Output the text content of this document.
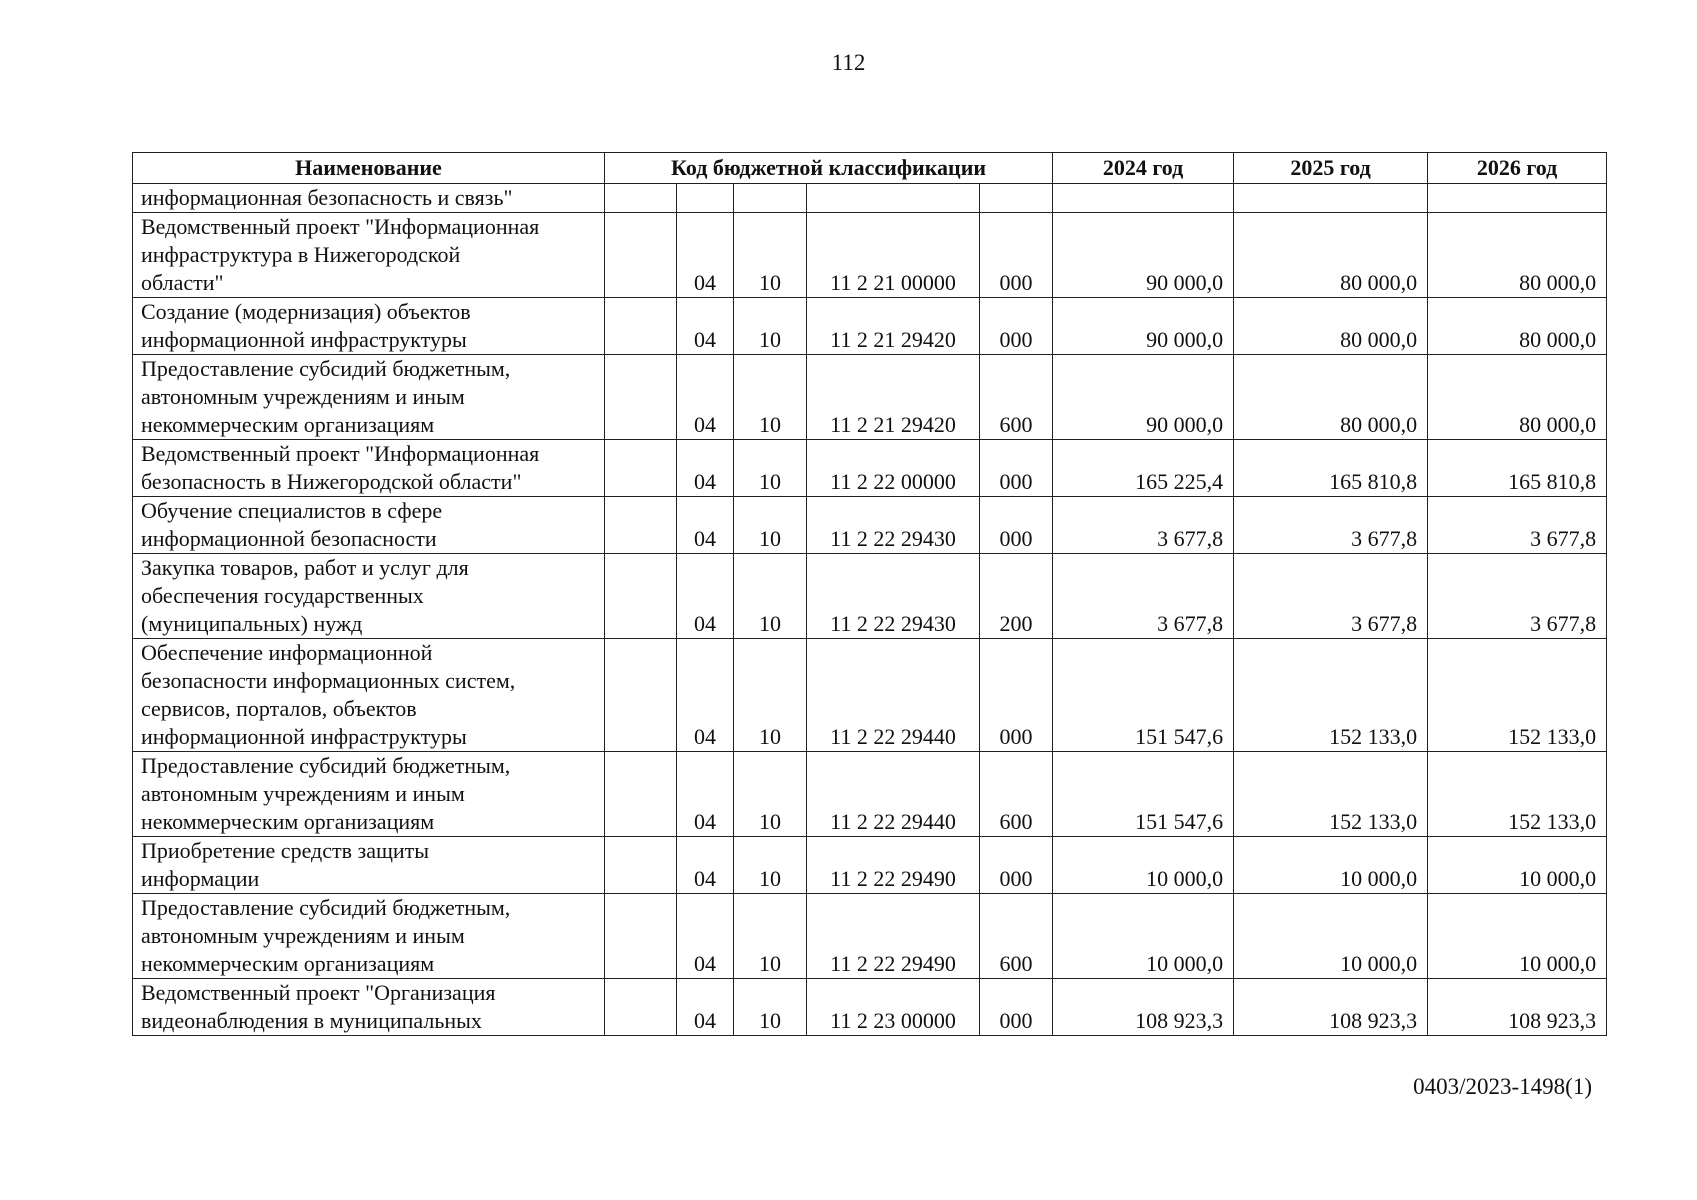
112
Наименование	Код бюджетной классификации					2024 год	2025 год	2026 год
информационная безопасность и связь"								
Ведомственный проект "Информационная
инфраструктура в Нижегородской
области"		04	10	11 2 21 00000	000	90 000,0	80 000,0	80 000,0
Создание (модернизация) объектов
информационной инфраструктуры		04	10	11 2 21 29420	000	90 000,0	80 000,0	80 000,0
Предоставление субсидий бюджетным,
автономным учреждениям и иным
некоммерческим организациям		04	10	11 2 21 29420	600	90 000,0	80 000,0	80 000,0
Ведомственный проект "Информационная
безопасность в Нижегородской области"		04	10	11 2 22 00000	000	165 225,4	165 810,8	165 810,8
Обучение специалистов в сфере
информационной безопасности		04	10	11 2 22 29430	000	3 677,8	3 677,8	3 677,8
Закупка товаров, работ и услуг для
обеспечения государственных
(муниципальных) нужд		04	10	11 2 22 29430	200	3 677,8	3 677,8	3 677,8
Обеспечение информационной
безопасности информационных систем,
сервисов, порталов, объектов
информационной инфраструктуры		04	10	11 2 22 29440	000	151 547,6	152 133,0	152 133,0
Предоставление субсидий бюджетным,
автономным учреждениям и иным
некоммерческим организациям		04	10	11 2 22 29440	600	151 547,6	152 133,0	152 133,0
Приобретение средств защиты
информации		04	10	11 2 22 29490	000	10 000,0	10 000,0	10 000,0
Предоставление субсидий бюджетным,
автономным учреждениям и иным
некоммерческим организациям		04	10	11 2 22 29490	600	10 000,0	10 000,0	10 000,0
Ведомственный проект "Организация
видеонаблюдения в муниципальных		04	10	11 2 23 00000	000	108 923,3	108 923,3	108 923,3
0403/2023-1498(1)
